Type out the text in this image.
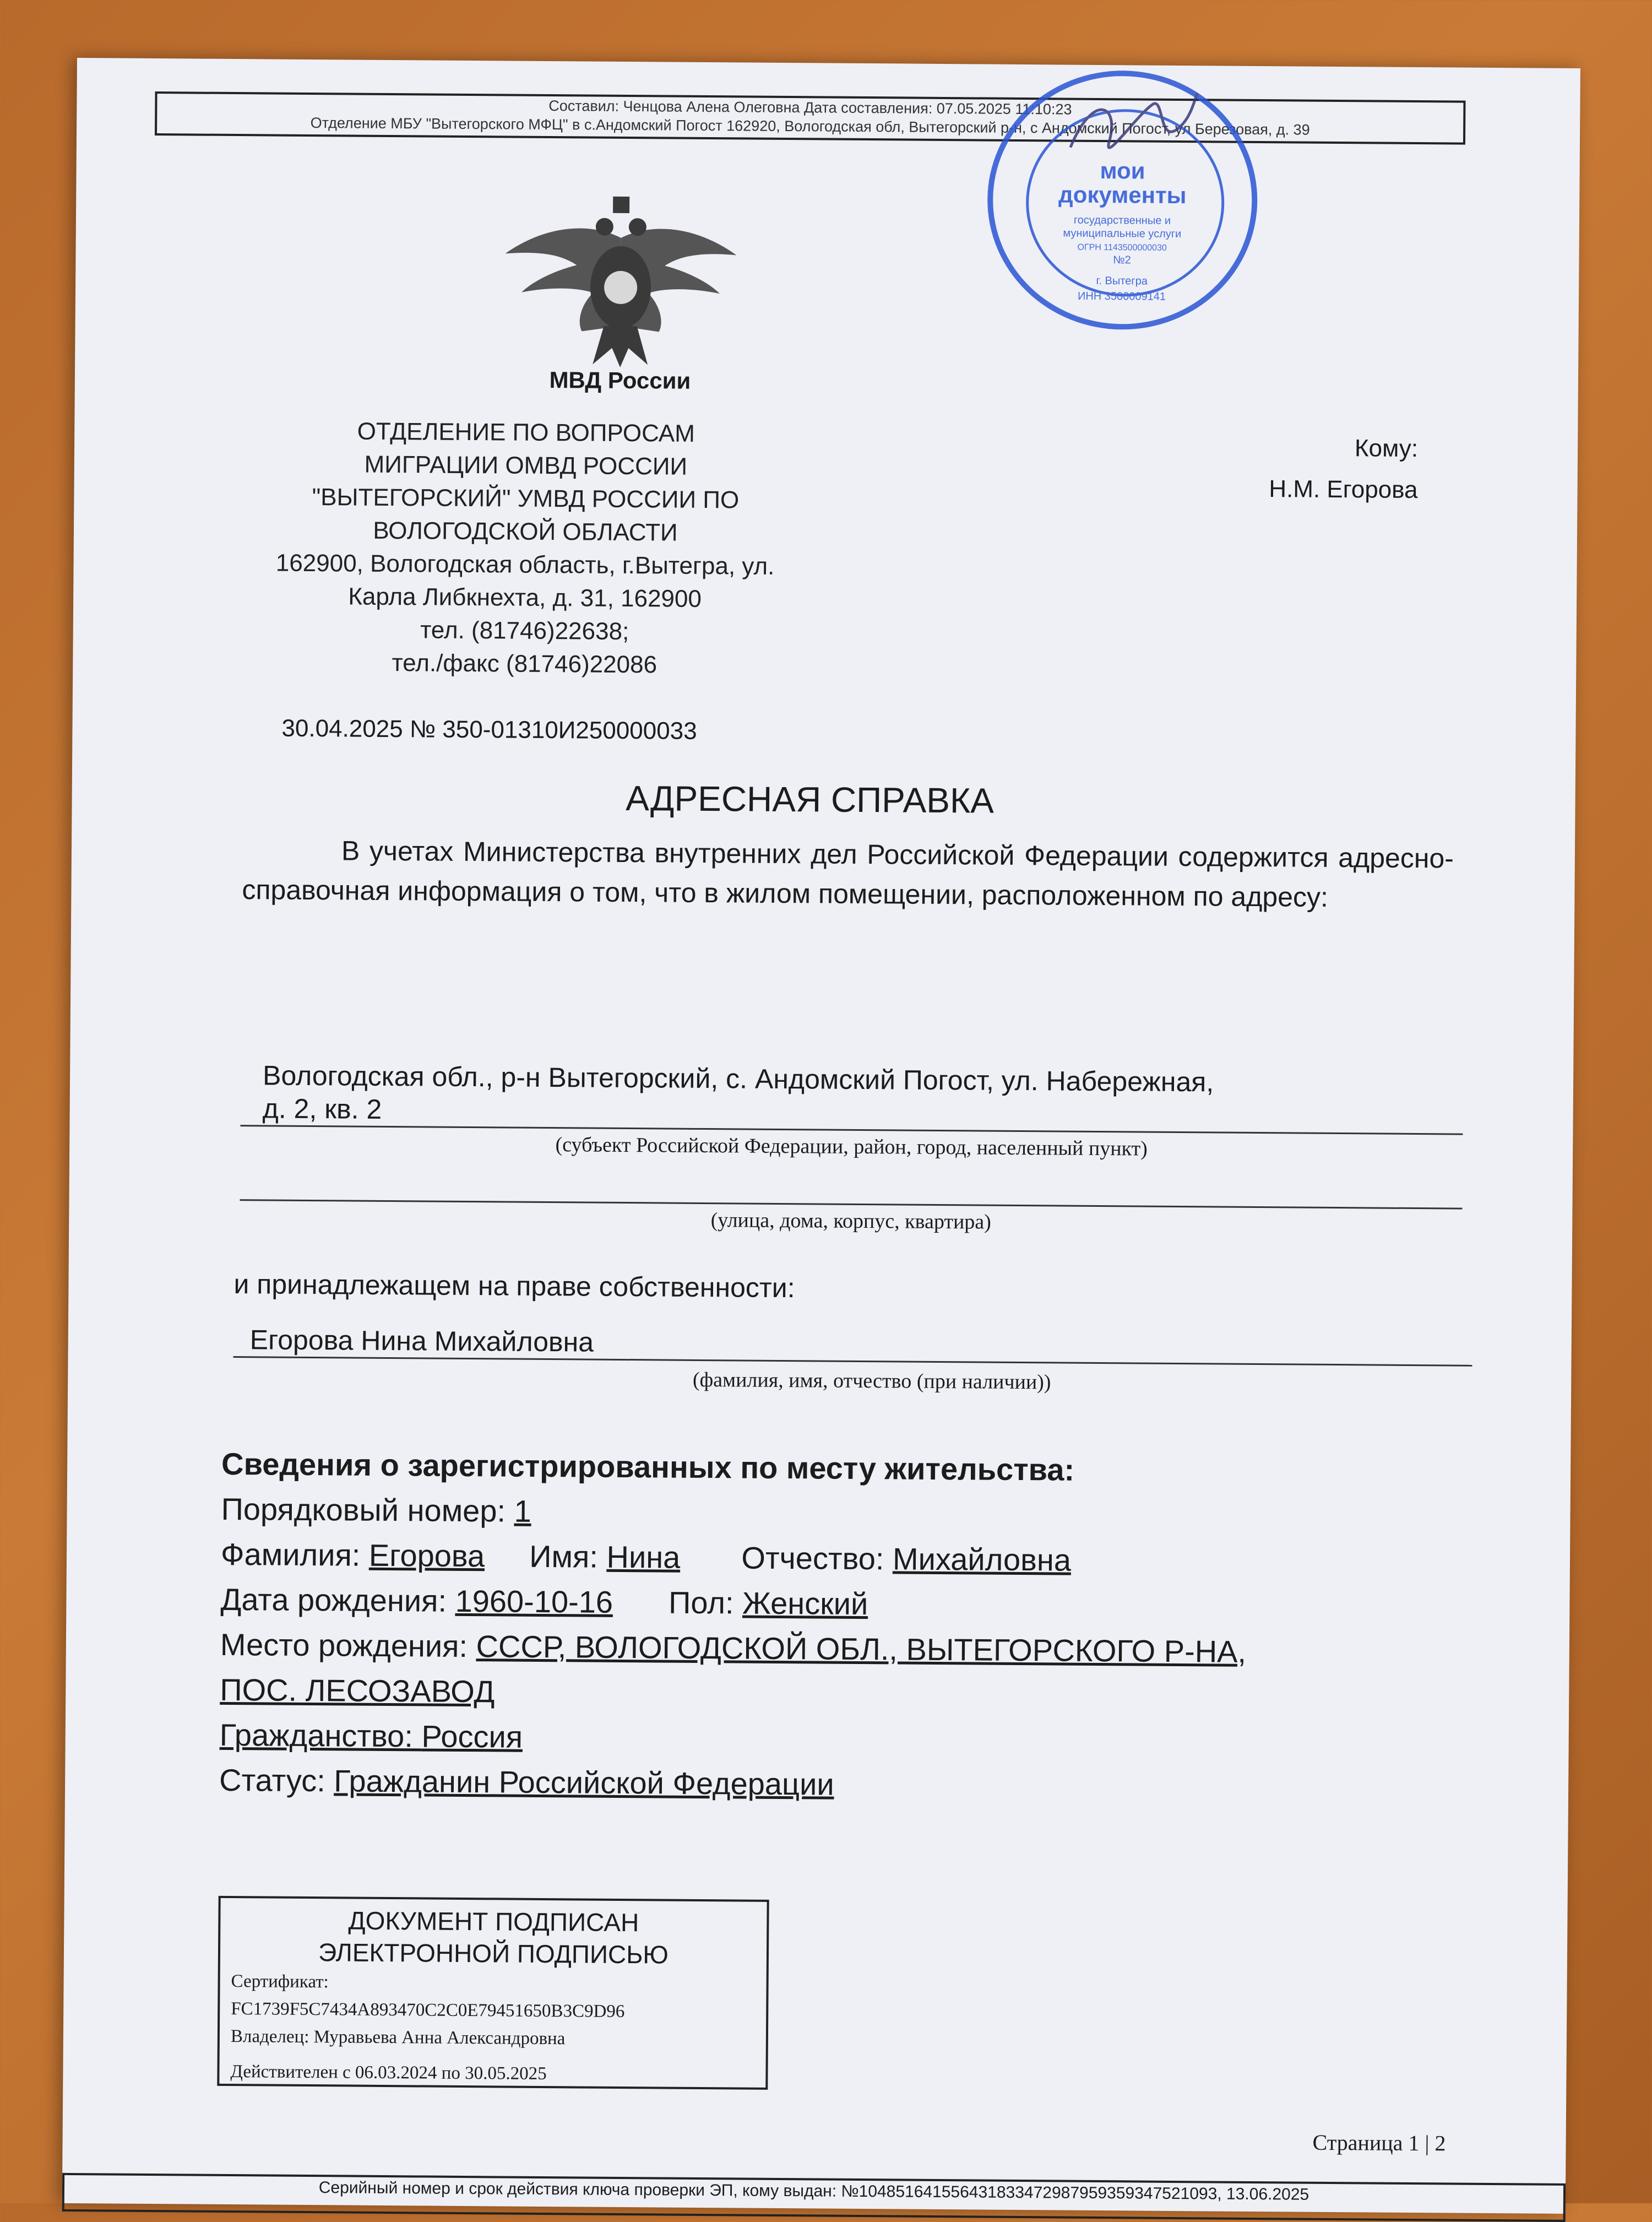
Составил: Ченцова Алена Олеговна Дата составления: 07.05.2025 11:10:23
Отделение МБУ "Вытегорского МФЦ" в с.Андомский Погост 162920, Вологодская обл, Вытегорский р-н, с Андомский Погост, ул Березовая, д. 39
мои
документы
государственные и
муниципальные услуги
ОГРН 1143500000030
№2
г. Вытегра
ИНН 3500009141
МВД России
ОТДЕЛЕНИЕ ПО ВОПРОСАМ
МИГРАЦИИ ОМВД РОССИИ
"ВЫТЕГОРСКИЙ" УМВД РОССИИ ПО
ВОЛОГОДСКОЙ ОБЛАСТИ
162900, Вологодская область, г.Вытегра, ул.
Карла Либкнехта, д. 31, 162900
тел. (81746)22638;
тел./факс (81746)22086
Кому:
Н.М. Егорова
30.04.2025 № 350-01310И250000033
АДРЕСНАЯ СПРАВКА
В учетах Министерства внутренних дел Российской Федерации содержится адресно-справочная информация о том, что в жилом помещении, расположенном по адресу:
Вологодская обл., р-н Вытегорский, с. Андомский Погост, ул. Набережная,
д. 2, кв. 2
(субъект Российской Федерации, район, город, населенный пункт)
(улица, дома, корпус, квартира)
и принадлежащем на праве собственности:
Егорова Нина Михайловна
(фамилия, имя, отчество (при наличии))
Сведения о зарегистрированных по месту жительства:
Порядковый номер: 1
Фамилия: Егорова Имя: Нина Отчество: Михайловна
Дата рождения: 1960-10-16 Пол: Женский
Место рождения: СССР, ВОЛОГОДСКОЙ ОБЛ., ВЫТЕГОРСКОГО Р-НА,
ПОС. ЛЕСОЗАВОД
Гражданство: Россия
Статус: Гражданин Российской Федерации
ДОКУМЕНТ ПОДПИСАН
ЭЛЕКТРОННОЙ ПОДПИСЬЮ
Сертификат:
FC1739F5C7434A893470C2C0E79451650B3C9D96
Владелец: Муравьева Анна Александровна
Действителен с 06.03.2024 по 30.05.2025
Страница 1 | 2
Серийный номер и срок действия ключа проверки ЭП, кому выдан: №104851641556431833472987959359347521093, 13.06.2025
